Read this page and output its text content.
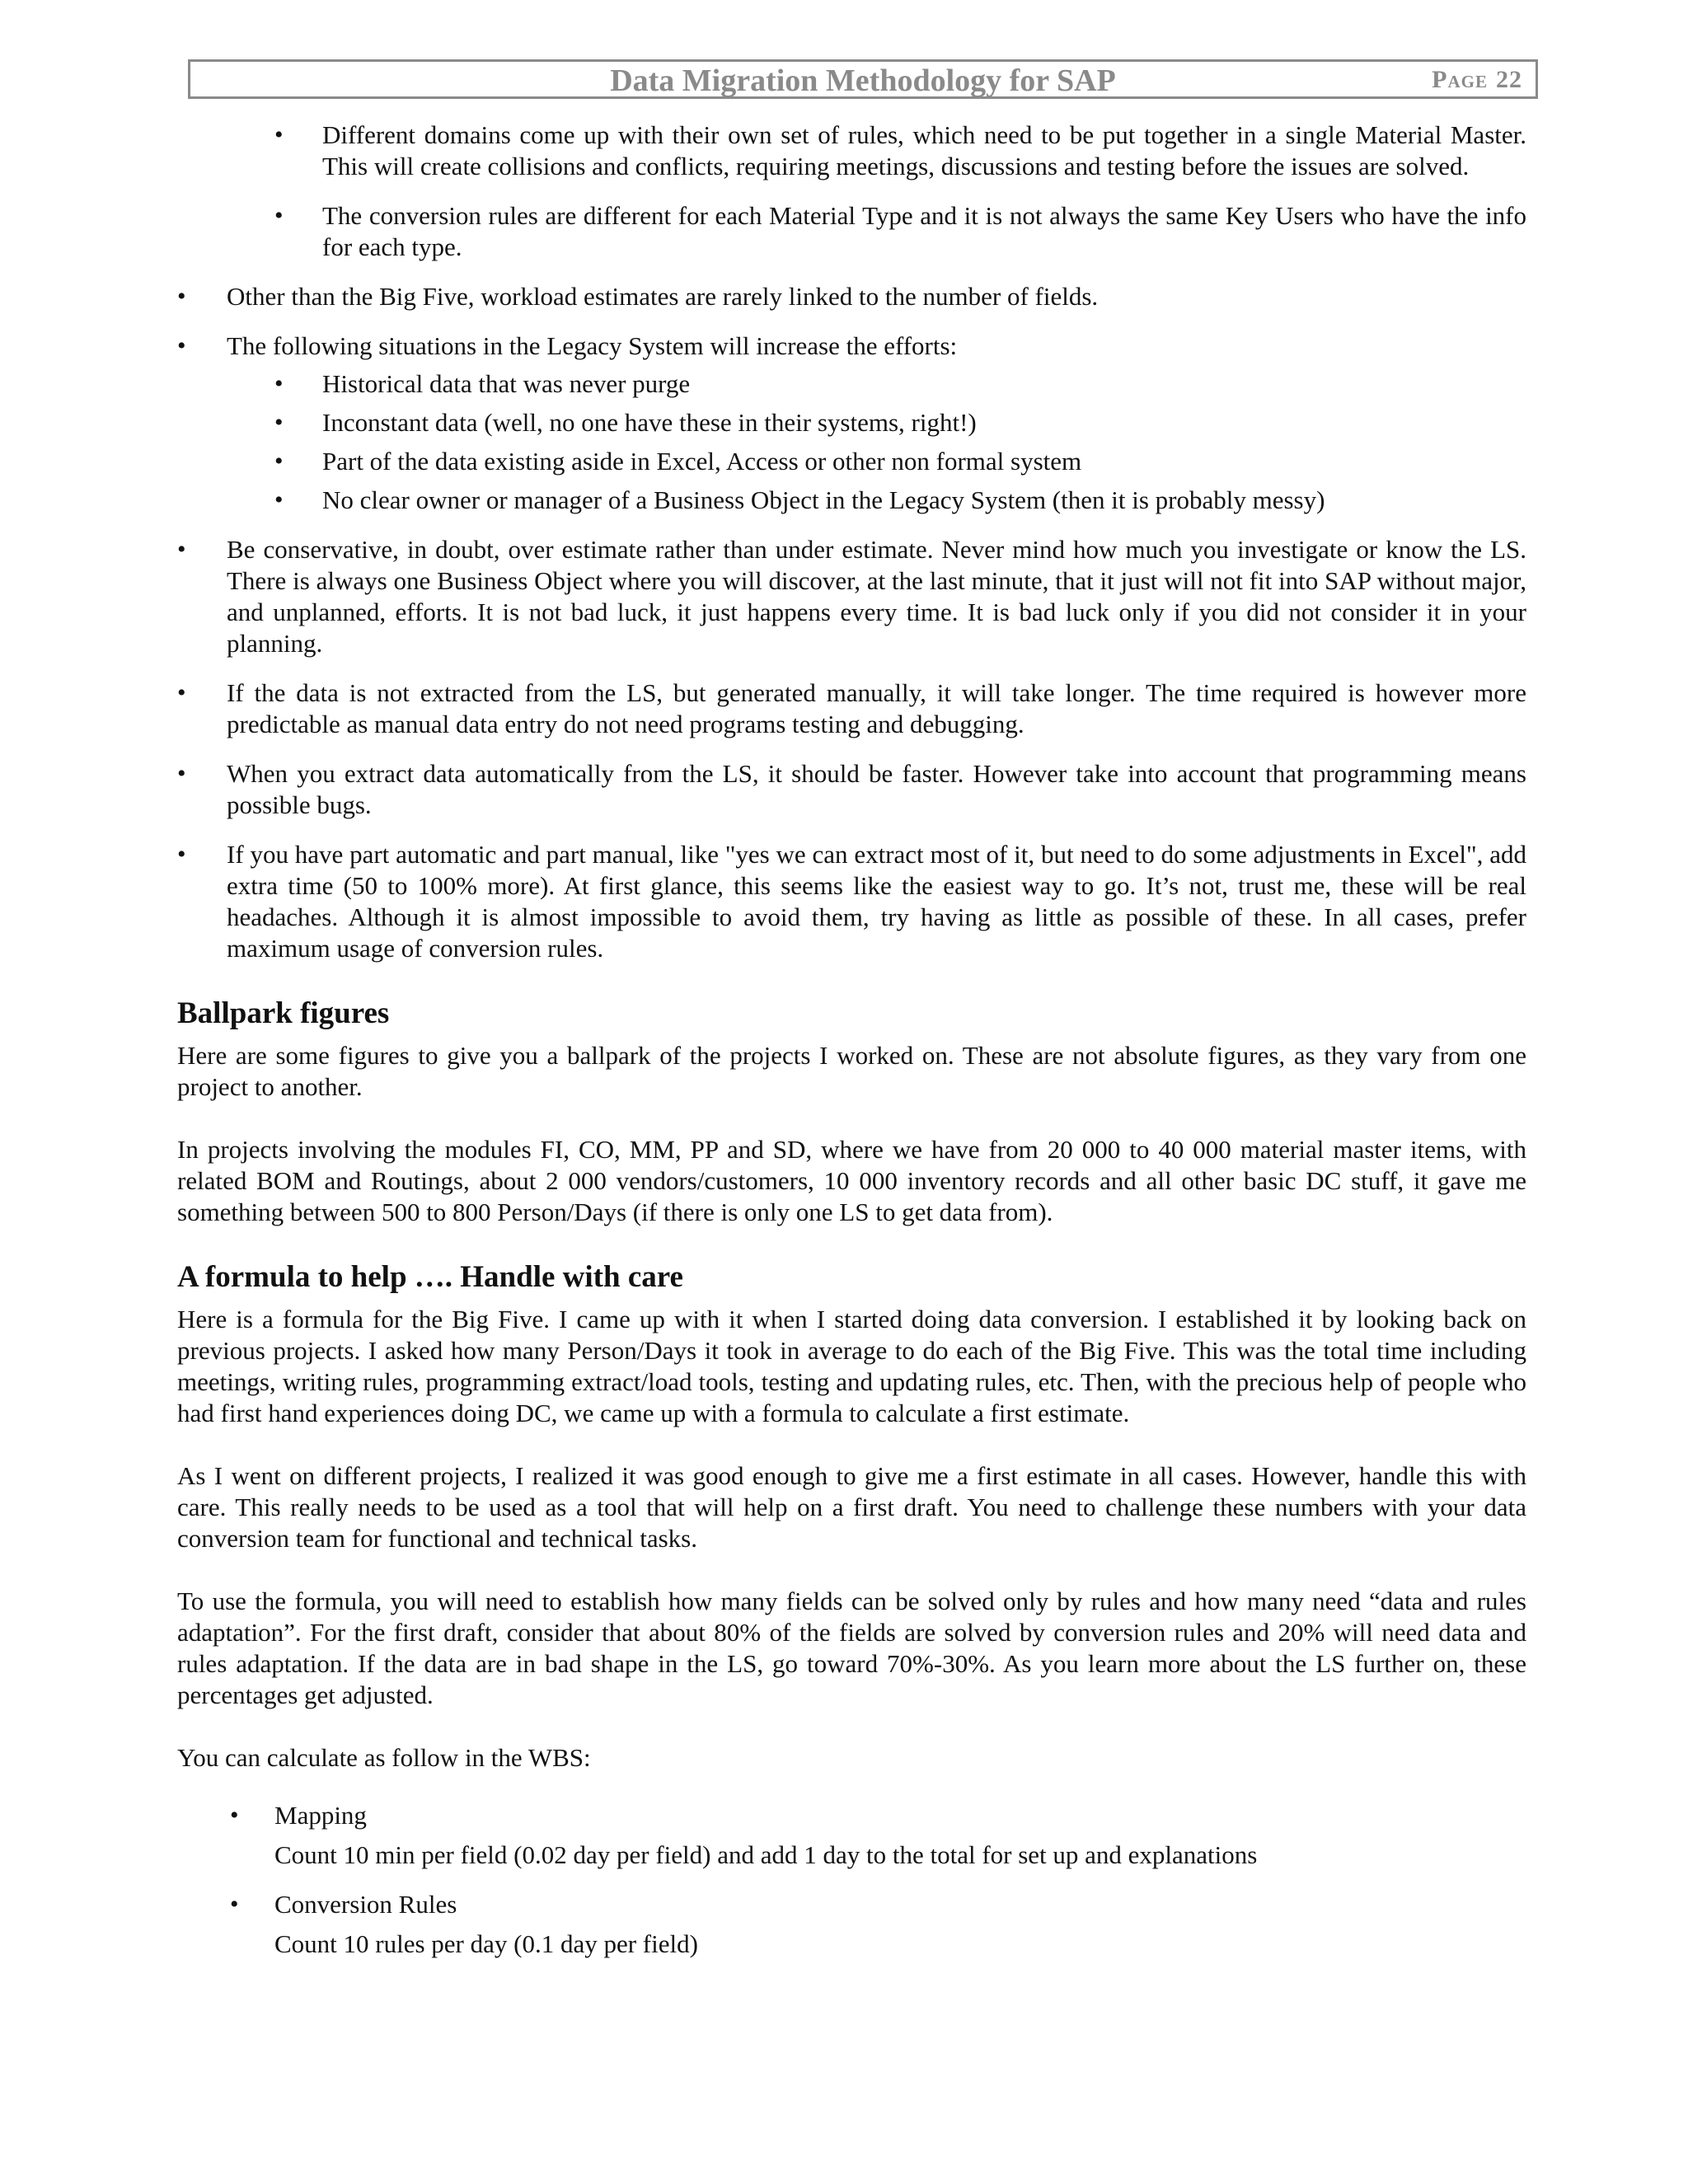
Data Migration Methodology for SAP	Page 22
• Different domains come up with their own set of rules, which need to be put together in a single Material Master. This will create collisions and conflicts, requiring meetings, discussions and testing before the issues are solved.
• The conversion rules are different for each Material Type and it is not always the same Key Users who have the info for each type.
• Other than the Big Five, workload estimates are rarely linked to the number of fields.
• The following situations in the Legacy System will increase the efforts:
• Historical data that was never purge
• Inconstant data (well, no one have these in their systems, right!)
• Part of the data existing aside in Excel, Access or other non formal system
• No clear owner or manager of a Business Object in the Legacy System (then it is probably messy)
• Be conservative, in doubt, over estimate rather than under estimate. Never mind how much you investigate or know the LS. There is always one Business Object where you will discover, at the last minute, that it just will not fit into SAP without major, and unplanned, efforts. It is not bad luck, it just happens every time. It is bad luck only if you did not consider it in your planning.
• If the data is not extracted from the LS, but generated manually, it will take longer. The time required is however more predictable as manual data entry do not need programs testing and debugging.
• When you extract data automatically from the LS, it should be faster. However take into account that programming means possible bugs.
• If you have part automatic and part manual, like "yes we can extract most of it, but need to do some adjustments in Excel", add extra time (50 to 100% more). At first glance, this seems like the easiest way to go. It’s not, trust me, these will be real headaches. Although it is almost impossible to avoid them, try having as little as possible of these. In all cases, prefer maximum usage of conversion rules.
Ballpark figures
Here are some figures to give you a ballpark of the projects I worked on. These are not absolute figures, as they vary from one project to another.
In projects involving the modules FI, CO, MM, PP and SD, where we have from 20 000 to 40 000 material master items, with related BOM and Routings, about 2 000 vendors/customers, 10 000 inventory records and all other basic DC stuff, it gave me something between 500 to 800 Person/Days (if there is only one LS to get data from).
A formula to help …. Handle with care
Here is a formula for the Big Five. I came up with it when I started doing data conversion. I established it by looking back on previous projects. I asked how many Person/Days it took in average to do each of the Big Five. This was the total time including meetings, writing rules, programming extract/load tools, testing and updating rules, etc. Then, with the precious help of people who had first hand experiences doing DC, we came up with a formula to calculate a first estimate.
As I went on different projects, I realized it was good enough to give me a first estimate in all cases. However, handle this with care. This really needs to be used as a tool that will help on a first draft. You need to challenge these numbers with your data conversion team for functional and technical tasks.
To use the formula, you will need to establish how many fields can be solved only by rules and how many need “data and rules adaptation”. For the first draft, consider that about 80% of the fields are solved by conversion rules and 20% will need data and rules adaptation. If the data are in bad shape in the LS, go toward 70%-30%. As you learn more about the LS further on, these percentages get adjusted.
You can calculate as follow in the WBS:
• Mapping
Count 10 min per field (0.02 day per field) and add 1 day to the total for set up and explanations
• Conversion Rules
Count 10 rules per day (0.1 day per field)
